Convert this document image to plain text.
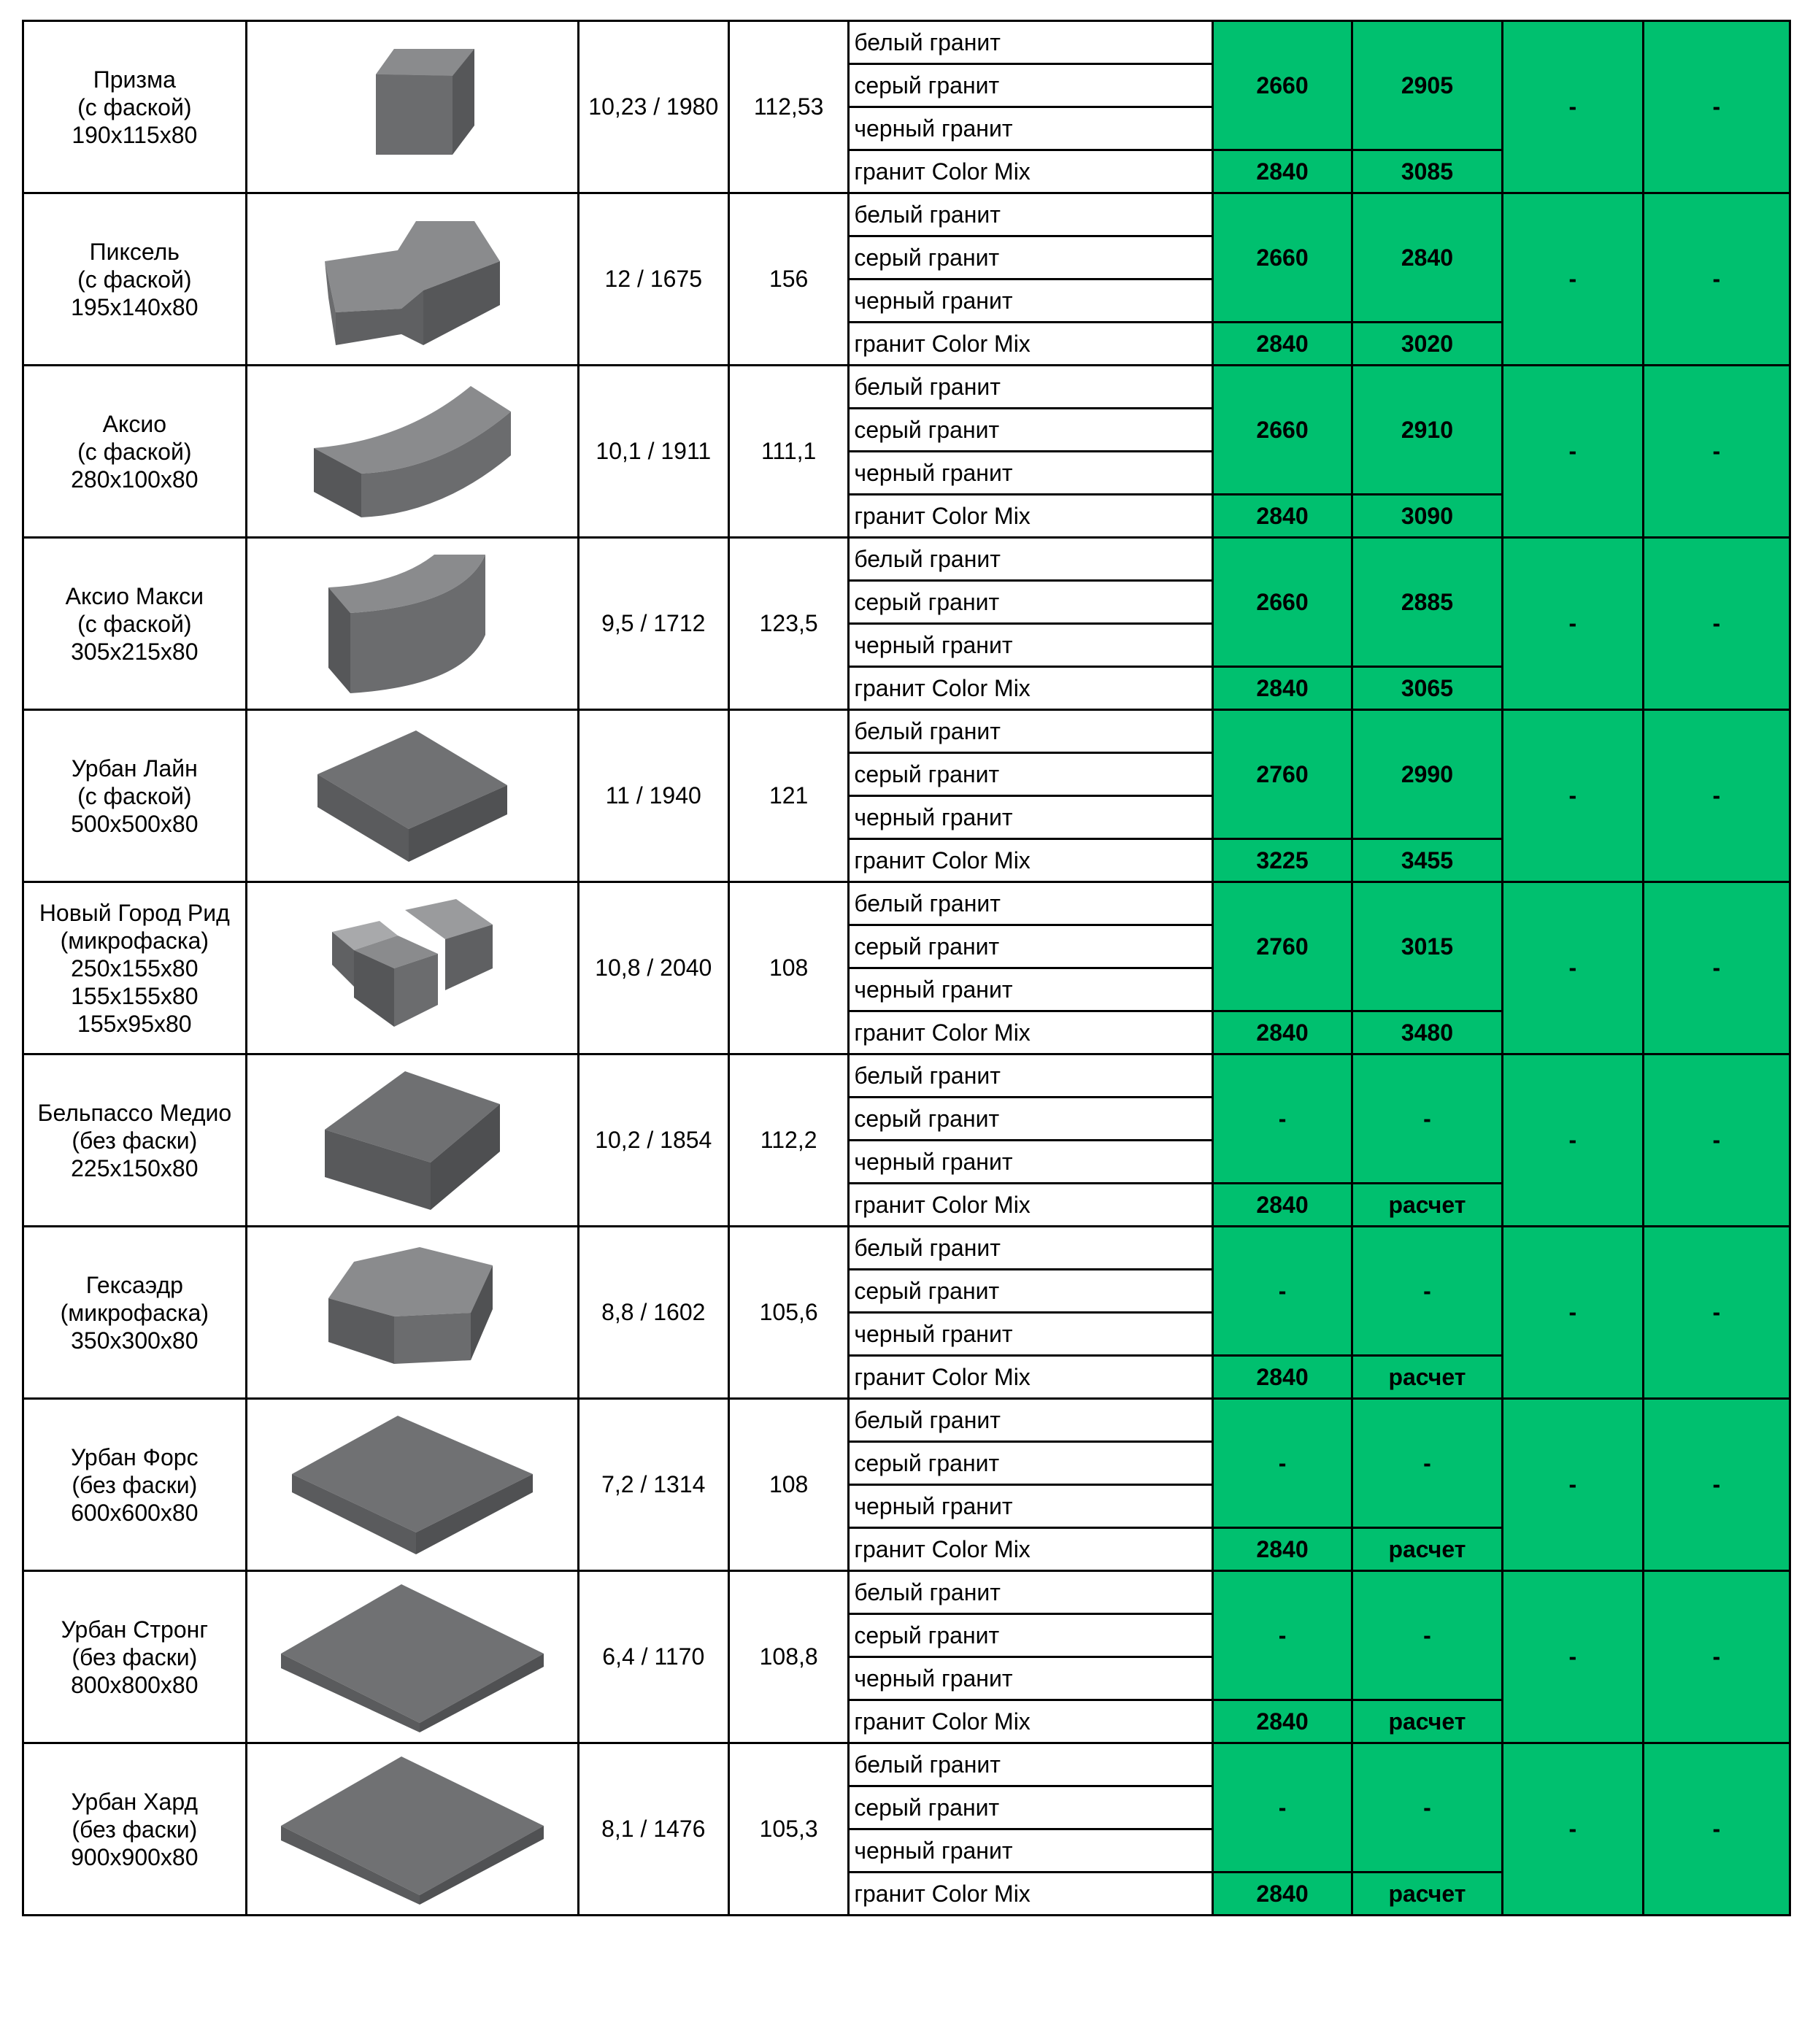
Призма
(с фаской)
190х115х80		10,23 / 1980	112,53	белый гранит	2660	2905	-	-
				серый гранит				
				черный гранит				
				гранит Color Mix	2840	3085		

Пиксель
(с фаской)
195х140х80		12 / 1675	156	белый гранит	2660	2840	-	-
				серый гранит				
				черный гранит				
				гранит Color Mix	2840	3020		

Аксио
(с фаской)
280х100х80		10,1 / 1911	111,1	белый гранит	2660	2910	-	-
				серый гранит				
				черный гранит				
				гранит Color Mix	2840	3090		

Аксио Макси
(с фаской)
305х215х80		9,5 / 1712	123,5	белый гранит	2660	2885	-	-
				серый гранит				
				черный гранит				
				гранит Color Mix	2840	3065		

Урбан Лайн
(с фаской)
500х500х80		11 / 1940	121	белый гранит	2760	2990	-	-
				серый гранит				
				черный гранит				
				гранит Color Mix	3225	3455		

Новый Город Рид
(микрофаска)
250х155х80
155х155х80
155х95х80		10,8 / 2040	108	белый гранит	2760	3015	-	-
				серый гранит				
				черный гранит				
				гранит Color Mix	2840	3480		

Бельпассо Медио
(без фаски)
225х150х80		10,2 / 1854	112,2	белый гранит	-	-	-	-
				серый гранит				
				черный гранит				
				гранит Color Mix	2840	расчет		

Гексаэдр
(микрофаска)
350х300х80		8,8 / 1602	105,6	белый гранит	-	-	-	-
				серый гранит				
				черный гранит				
				гранит Color Mix	2840	расчет		

Урбан Форс
(без фаски)
600х600х80		7,2 / 1314	108	белый гранит	-	-	-	-
				серый гранит				
				черный гранит				
				гранит Color Mix	2840	расчет		

Урбан Стронг
(без фаски)
800х800х80		6,4 / 1170	108,8	белый гранит	-	-	-	-
				серый гранит				
				черный гранит				
				гранит Color Mix	2840	расчет		

Урбан Хард
(без фаски)
900х900х80		8,1 / 1476	105,3	белый гранит	-	-	-	-
				серый гранит				
				черный гранит				
				гранит Color Mix	2840	расчет		
